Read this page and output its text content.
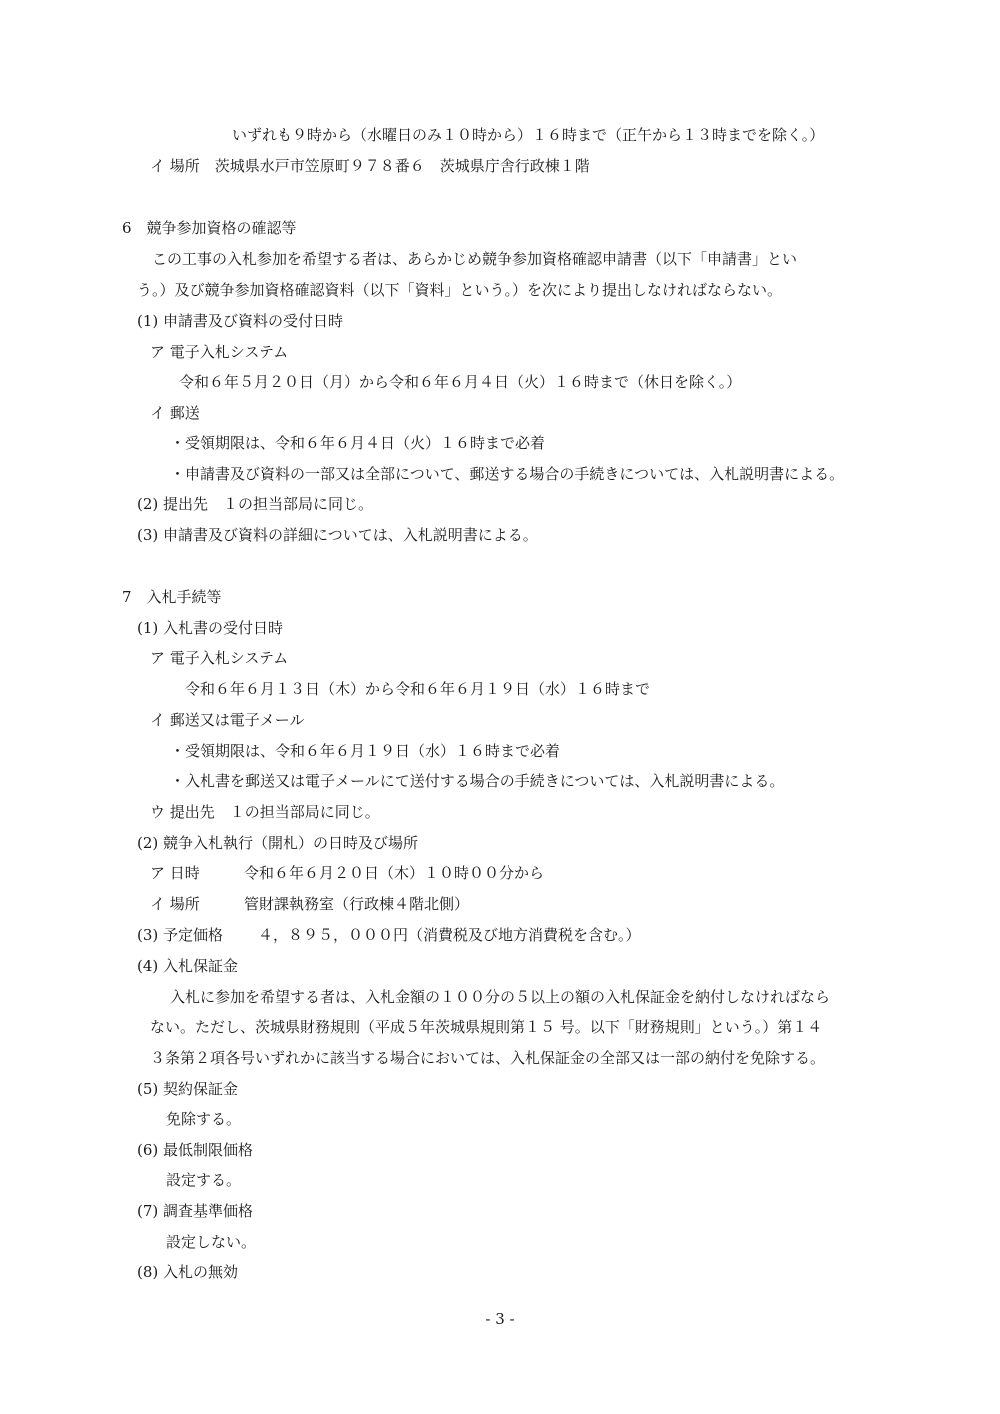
いずれも９時から（水曜日のみ１０時から）１６時まで（正午から１３時までを除く。）
イ 場所　茨城県水戸市笠原町９７８番６　茨城県庁舎行政棟１階
6　競争参加資格の確認等
この工事の入札参加を希望する者は、あらかじめ競争参加資格確認申請書（以下「申請書」とい
う。）及び競争参加資格確認資料（以下「資料」という。）を次により提出しなければならない。
(1) 申請書及び資料の受付日時
ア 電子入札システム
令和６年５月２０日（月）から令和６年６月４日（火）１６時まで（休日を除く。）
イ 郵送
・受領期限は、令和６年６月４日（火）１６時まで必着
・申請書及び資料の一部又は全部について、郵送する場合の手続きについては、入札説明書による。
(2) 提出先　１の担当部局に同じ。
(3) 申請書及び資料の詳細については、入札説明書による。
7　入札手続等
(1) 入札書の受付日時
ア 電子入札システム
令和６年６月１３日（木）から令和６年６月１９日（水）１６時まで
イ 郵送又は電子メール
・受領期限は、令和６年６月１９日（水）１６時まで必着
・入札書を郵送又は電子メールにて送付する場合の手続きについては、入札説明書による。
ウ 提出先　１の担当部局に同じ。
(2) 競争入札執行（開札）の日時及び場所
ア 日時	令和６年６月２０日（木）１０時００分から
イ 場所	管財課執務室（行政棟４階北側）
(3) 予定価格 ４，８９５，０００円（消費税及び地方消費税を含む。）
(4) 入札保証金
入札に参加を希望する者は、入札金額の１００分の５以上の額の入札保証金を納付しなければなら
ない。ただし、茨城県財務規則（平成５年茨城県規則第１５ 号。以下「財務規則」という。）第１４
３条第２項各号いずれかに該当する場合においては、入札保証金の全部又は一部の納付を免除する。
(5) 契約保証金
免除する。
(6) 最低制限価格
設定する。
(7) 調査基準価格
設定しない。
(8) 入札の無効
- 3 -
